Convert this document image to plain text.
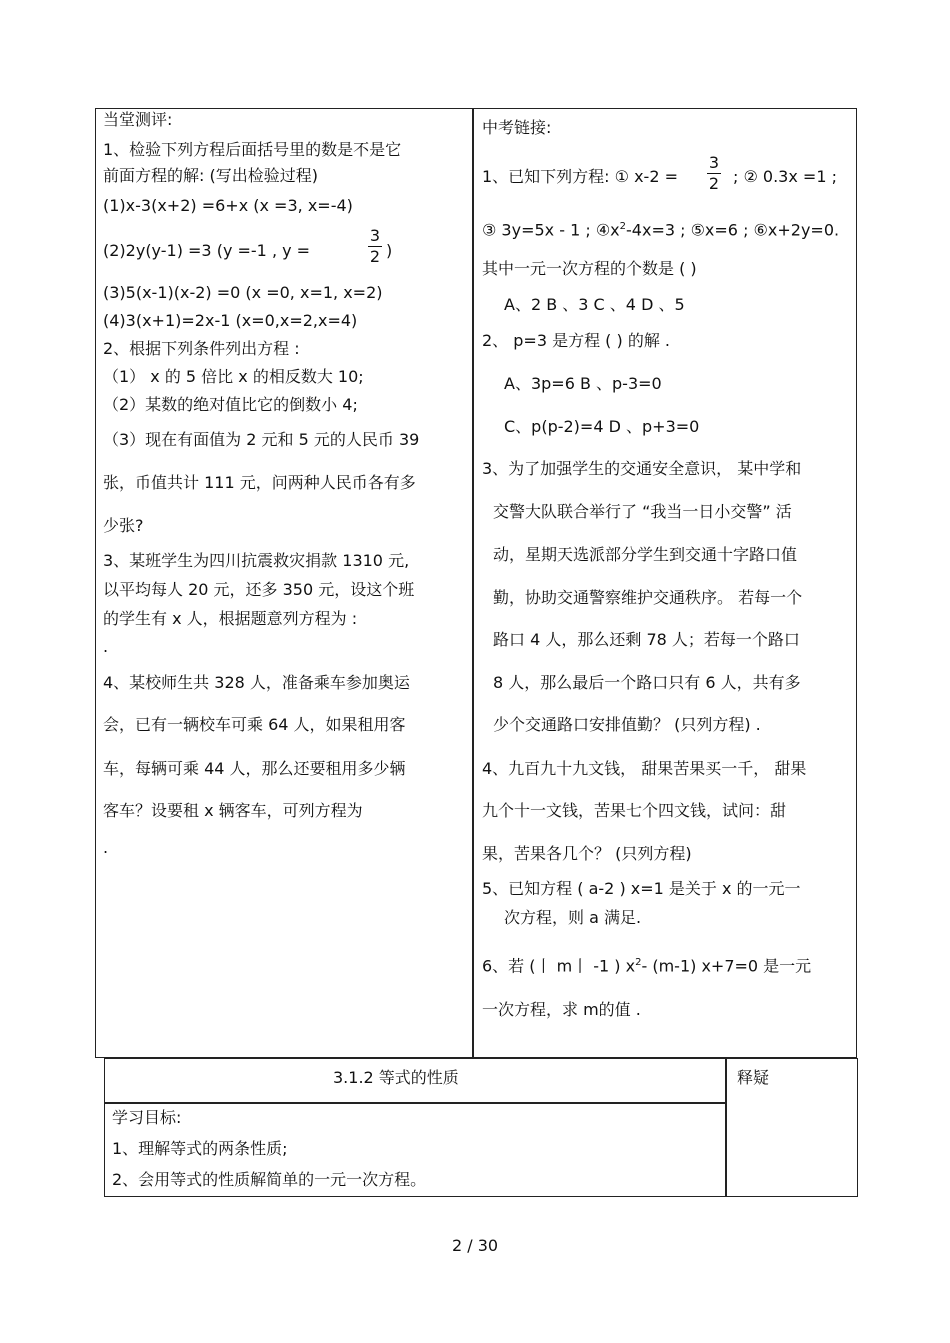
当堂测评:
1、检验下列方程后面括号里的数是不是它
前面方程的解: (写出检验过程)
(1)x-3(x+2) =6+x (x =3, x=-4)
(2)2y(y-1) =3 (y =-1 , y =
3
2 )
(3)5(x-1)(x-2) =0 (x =0, x=1, x=2)
(4)3(x+1)=2x-1 (x=0,x=2,x=4)
2、根据下列条件列出方程 :
（1） x 的 5 倍比 x 的相反数大 10;
（2）某数的绝对值比它的倒数小 4;
（3）现在有面值为 2 元和 5 元的人民币 39
张，币值共计 111 元，问两种人民币各有多
少张?
3、某班学生为四川抗震救灾捐款 1310 元,
以平均每人 20 元，还多 350 元，设这个班
的学生有 x 人，根据题意列方程为 :
.
4、某校师生共 328 人，准备乘车参加奥运
会，已有一辆校车可乘 64 人，如果租用客
车，每辆可乘 44 人，那么还要租用多少辆
客车？设要租 x 辆客车，可列方程为
.
中考链接:
1、已知下列方程: ① x-2 =
3
2 ; ② 0.3x =1 ;
③ 3y=5x - 1 ; $④x^2-4x=3$ ; ⑤x=6 ; ⑥x+2y=0.
其中一元一次方程的个数是 ( )
A、2 B 、3 C 、4 D 、5
2、 p=3 是方程 ( ) 的解 .
A、3p=6 B 、p-3=0
C、p(p-2)=4 D 、p+3=0
3、为了加强学生的交通安全意识， 某中学和
交警大队联合举行了 “我当一日小交警” 活
动，星期天选派部分学生到交通十字路口值
勤，协助交通警察维护交通秩序。 若每一个
路口 4 人，那么还剩 78 人；若每一个路口
8 人，那么最后一个路口只有 6 人，共有多
少个交通路口安排值勤？ (只列方程) .
4、九百九十九文钱， 甜果苦果买一千， 甜果
九个十一文钱，苦果七个四文钱，试问：甜
果，苦果各几个？ (只列方程)
5、已知方程 ( a-2 ) x=1 是关于 x 的一元一
次方程，则 a 满足.
6、若 (丨 m丨 -1 ) $x^2-$ (m-1) x+7=0 是一元
一次方程，求 m的值 .
3.1.2 等式的性质	释疑
学习目标:
1、理解等式的两条性质;
2、会用等式的性质解简单的一元一次方程。
2 / 30
